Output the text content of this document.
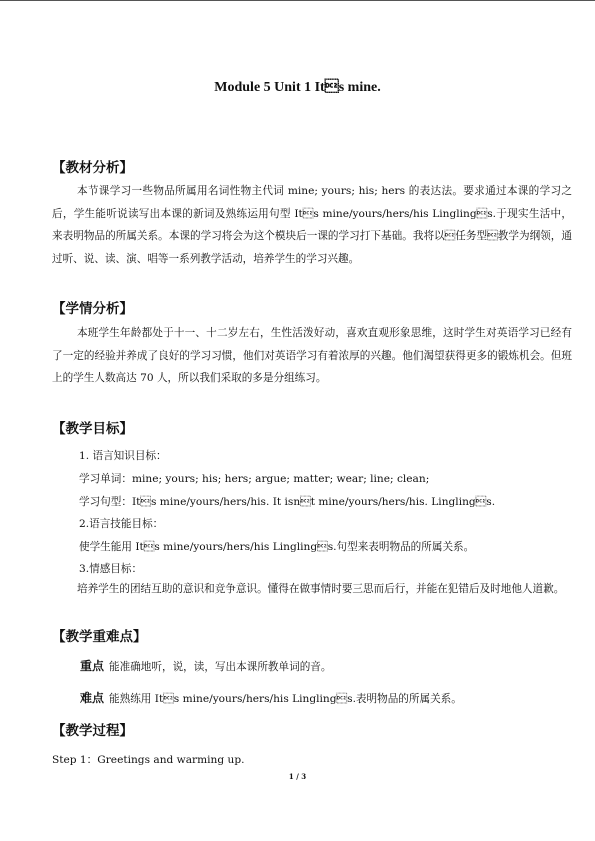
Module 5 Unit 1 Its mine.
【教材分析】

本节课学习一些物品所属用名词性物主代词 mine; yours; his; hers 的表达法。要求通过本课的学习之后，学生能听说读写出本课的新词及熟练运用句型 Its mine/yours/hers/his Linglings.于现实生活中，来表明物品的所属关系。本课的学习将会为这个模块后一课的学习打下基础。我将以任务型教学为纲领，通过听、说、读、演、唱等一系列教学活动，培养学生的学习兴趣。

【学情分析】

本班学生年龄都处于十一、十二岁左右，生性活泼好动，喜欢直观形象思维，这时学生对英语学习已经有了一定的经验并养成了良好的学习习惯，他们对英语学习有着浓厚的兴趣。他们渴望获得更多的锻炼机会。但班上的学生人数高达 70 人，所以我们采取的多是分组练习。

【教学目标】
1. 语言知识目标：
学习单词：mine; yours; his; hers; argue; matter; wear; line; clean;
学习句型：Its mine/yours/hers/his. It isnt mine/yours/hers/his. Linglings.
2.语言技能目标：
使学生能用 Its mine/yours/hers/his Linglings.句型来表明物品的所属关系。
3.情感目标：

培养学生的团结互助的意识和竞争意识。懂得在做事情时要三思而后行，并能在犯错后及时地他人道歉。

【教学重难点】
重点 能准确地听，说，读，写出本课所教单词的音。
难点 能熟练用 Its mine/yours/hers/his Linglings.表明物品的所属关系。
【教学过程】
Step 1：Greetings and warming up.
1 / 3
